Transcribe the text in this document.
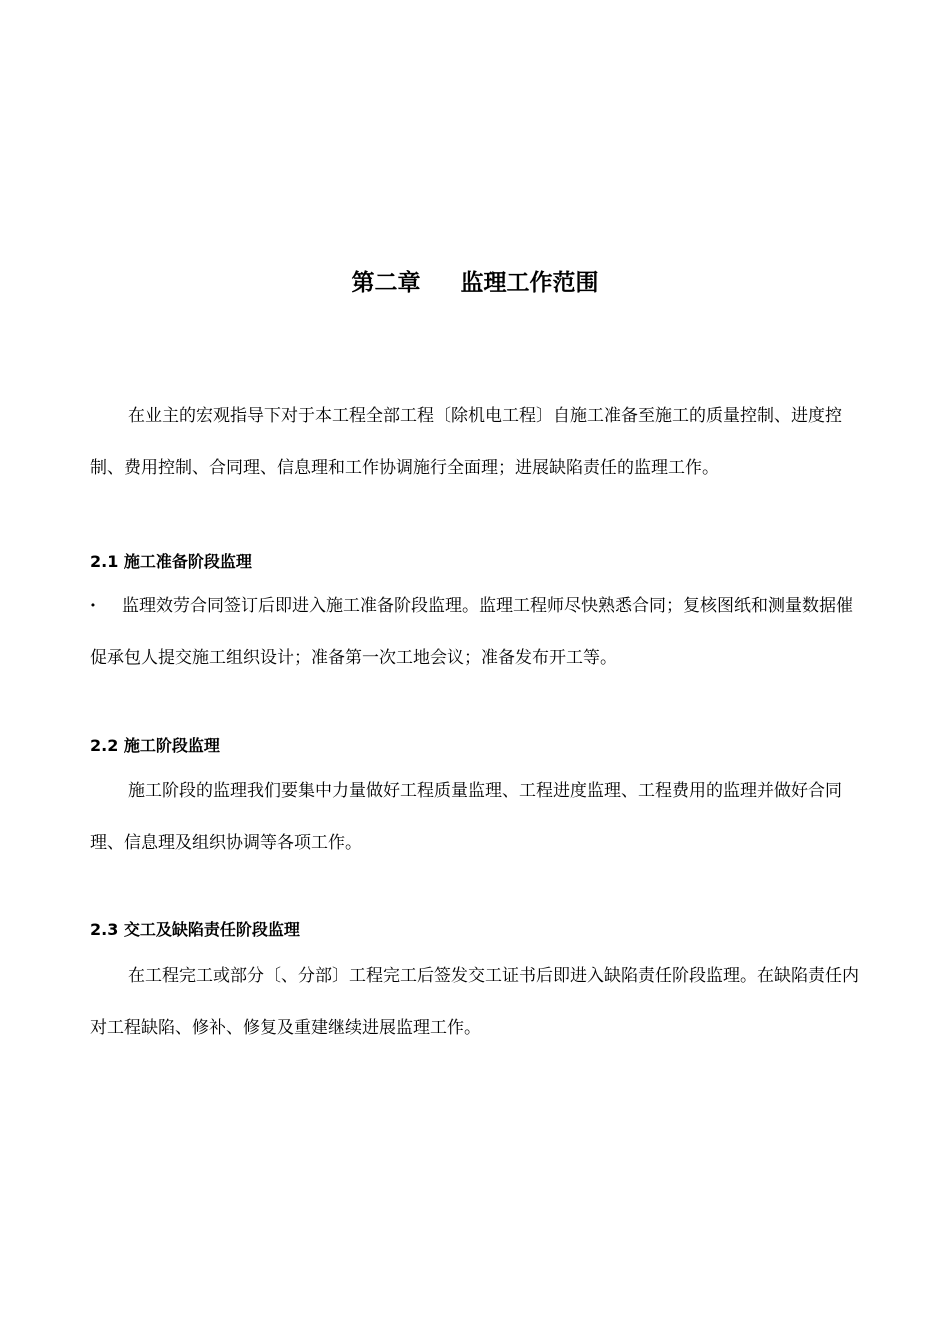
第二章     监理工作范围

在业主的宏观指导下对于本工程全部工程〔除机电工程〕自施工准备至施工的质量控制、进度控制、费用控制、合同理、信息理和工作协调施行全面理；进展缺陷责任的监理工作。

2.1 施工准备阶段监理

· 监理效劳合同签订后即进入施工准备阶段监理。监理工程师尽快熟悉合同；复核图纸和测量数据催促承包人提交施工组织设计；准备第一次工地会议；准备发布开工等。

2.2 施工阶段监理

施工阶段的监理我们要集中力量做好工程质量监理、工程进度监理、工程费用的监理并做好合同理、信息理及组织协调等各项工作。

2.3 交工及缺陷责任阶段监理

在工程完工或部分〔、分部〕工程完工后签发交工证书后即进入缺陷责任阶段监理。在缺陷责任内对工程缺陷、修补、修复及重建继续进展监理工作。
